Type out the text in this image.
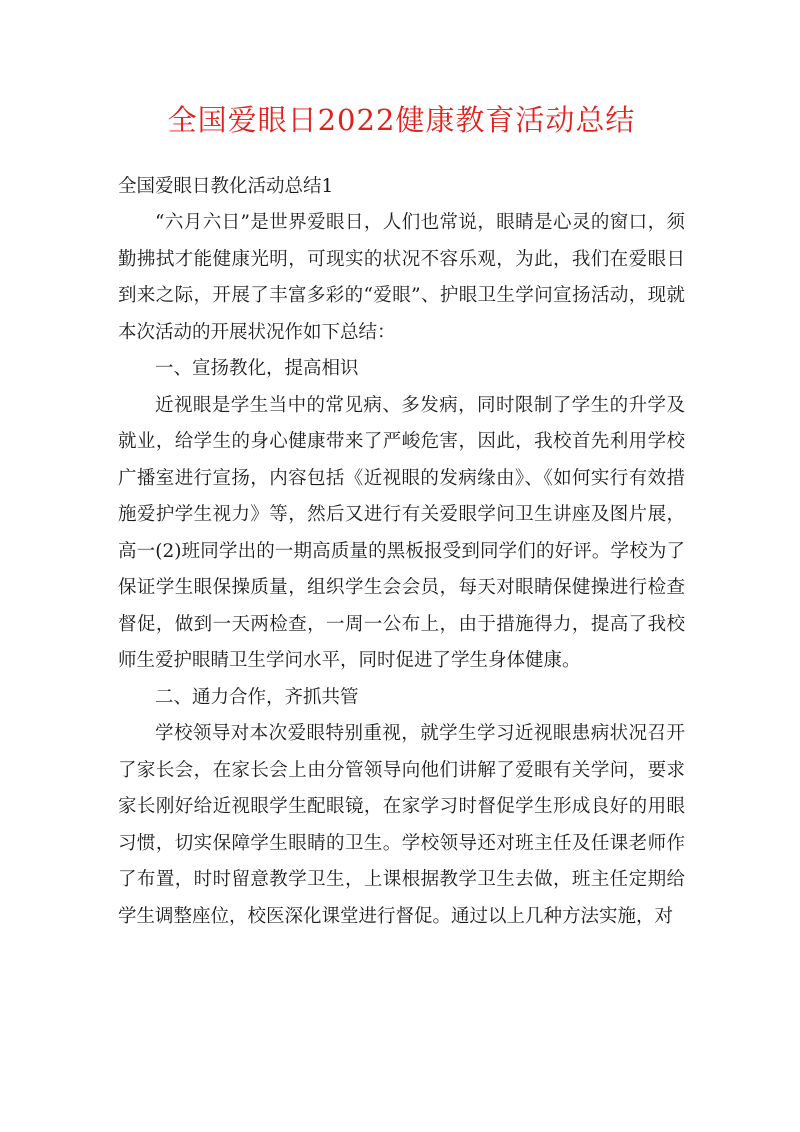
全国爱眼日2022健康教育活动总结
全国爱眼日教化活动总结1

“六月六日”是世界爱眼日，人们也常说，眼睛是心灵的窗口，须勤拂拭才能健康光明，可现实的状况不容乐观，为此，我们在爱眼日到来之际，开展了丰富多彩的“爱眼”、护眼卫生学问宣扬活动，现就本次活动的开展状况作如下总结：

一、宣扬教化，提高相识

近视眼是学生当中的常见病、多发病，同时限制了学生的升学及就业，给学生的身心健康带来了严峻危害，因此，我校首先利用学校广播室进行宣扬，内容包括《近视眼的发病缘由》、《如何实行有效措施爱护学生视力》等，然后又进行有关爱眼学问卫生讲座及图片展，高一(2)班同学出的一期高质量的黑板报受到同学们的好评。学校为了保证学生眼保操质量，组织学生会会员，每天对眼睛保健操进行检查督促，做到一天两检查，一周一公布上，由于措施得力，提高了我校师生爱护眼睛卫生学问水平，同时促进了学生身体健康。

二、通力合作，齐抓共管

学校领导对本次爱眼特别重视，就学生学习近视眼患病状况召开了家长会，在家长会上由分管领导向他们讲解了爱眼有关学问，要求家长刚好给近视眼学生配眼镜，在家学习时督促学生形成良好的用眼习惯，切实保障学生眼睛的卫生。学校领导还对班主任及任课老师作了布置，时时留意教学卫生，上课根据教学卫生去做，班主任定期给学生调整座位，校医深化课堂进行督促。通过以上几种方法实施，对
